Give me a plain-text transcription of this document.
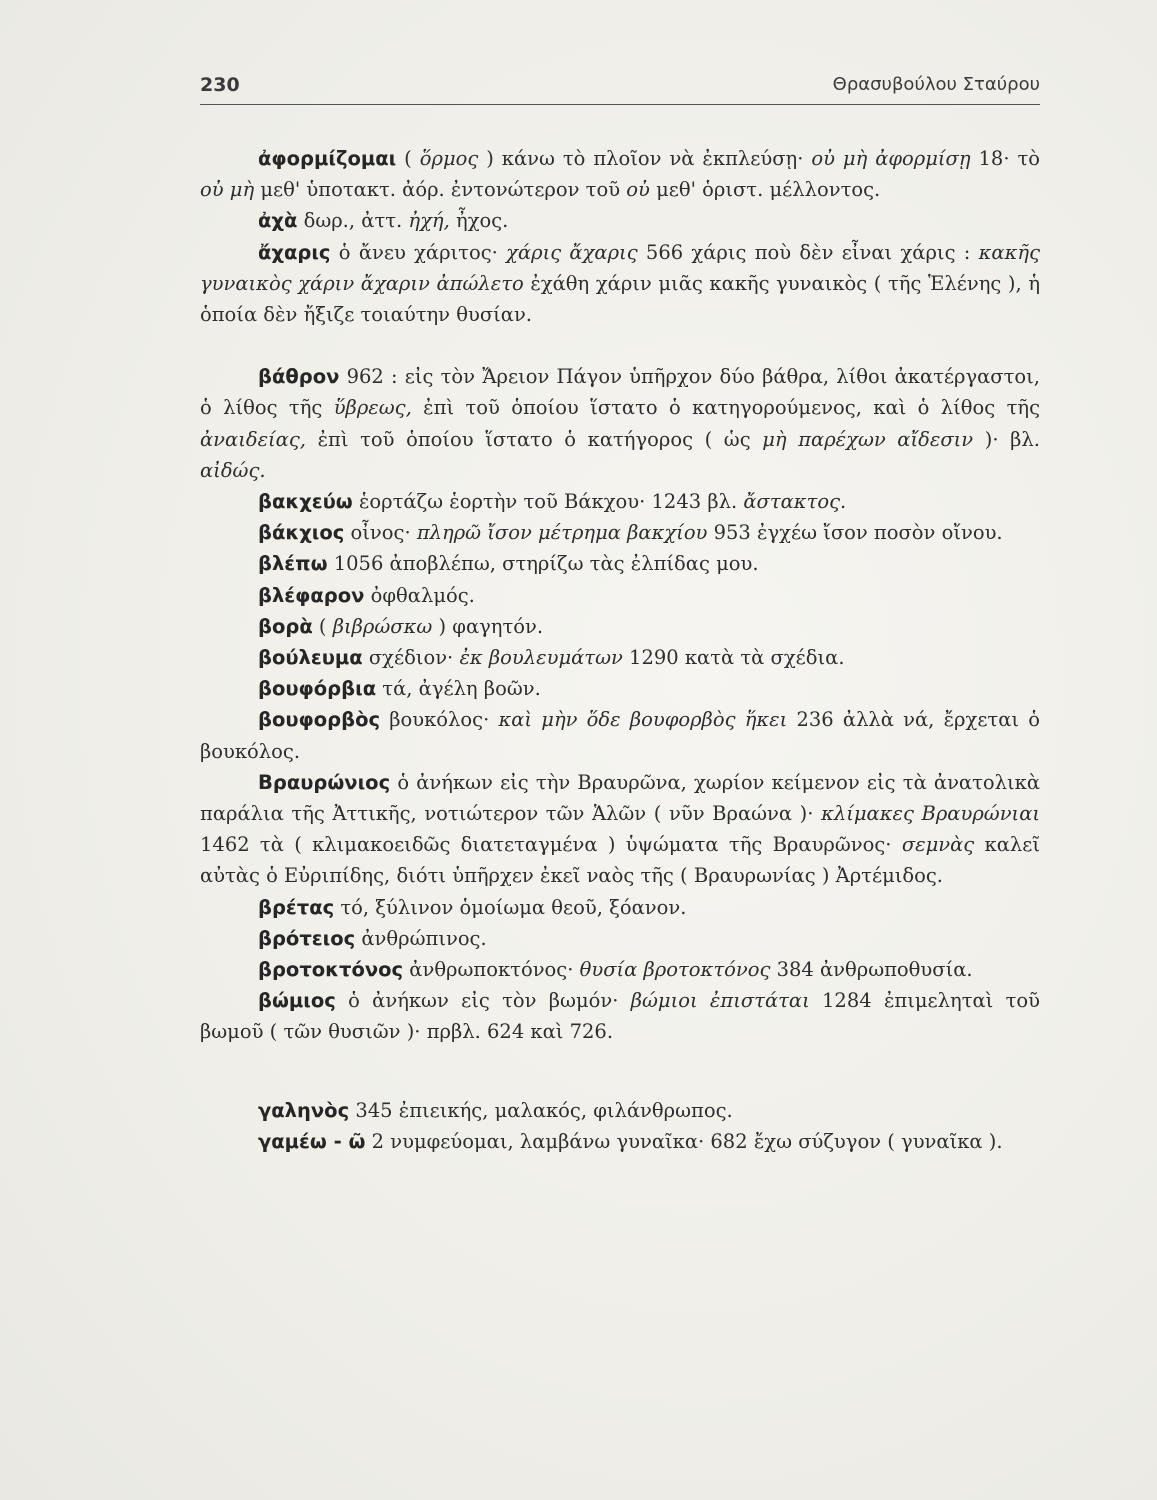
230	Θρασυβούλου Σταύρου

ἀφορμίζομαι ( ὅρμος ) κάνω τὸ πλοῖον νὰ ἐκπλεύσῃ· οὐ μὴ ἀφορμίσῃ 18· τὸ οὐ μὴ μεθ' ὑποτακτ. ἀόρ. ἐντονώτερον τοῦ οὐ μεθ' ὁριστ. μέλλοντος.

ἀχὰ δωρ., ἀττ. ἠχή, ἦχος.

ἄχαρις ὁ ἄνευ χάριτος· χάρις ἄχαρις 566 χάρις ποὺ δὲν εἶναι χάρις : κακῆς γυναικὸς χάριν ἄχαριν ἀπώλετο ἐχάθη χάριν μιᾶς κακῆς γυναικὸς ( τῆς Ἑλένης ), ἡ ὁποία δὲν ἤξιζε τοιαύτην θυσίαν.

βάθρον 962 : εἰς τὸν Ἄρειον Πάγον ὑπῆρχον δύο βάθρα, λίθοι ἀκατέργαστοι, ὁ λίθος τῆς ὕβρεως, ἐπὶ τοῦ ὁποίου ἵστατο ὁ κατηγορούμενος, καὶ ὁ λίθος τῆς ἀναιδείας, ἐπὶ τοῦ ὁποίου ἵστατο ὁ κατήγορος ( ὡς μὴ παρέχων αἴδεσιν )· βλ. αἰδώς.

βακχεύω ἑορτάζω ἑορτὴν τοῦ Βάκχου· 1243 βλ. ἄστακτος.

βάκχιος οἶνος· πληρῶ ἴσον μέτρημα βακχίου 953 ἐγχέω ἴσον ποσὸν οἴνου.

βλέπω 1056 ἀποβλέπω, στηρίζω τὰς ἐλπίδας μου.

βλέφαρον ὀφθαλμός.

βορὰ ( βιβρώσκω ) φαγητόν.

βούλευμα σχέδιον· ἐκ βουλευμάτων 1290 κατὰ τὰ σχέδια.

βουφόρβια τά, ἀγέλη βοῶν.

βουφορβὸς βουκόλος· καὶ μὴν ὅδε βουφορβὸς ἥκει 236 ἀλλὰ νά, ἔρχεται ὁ βουκόλος.

Βραυρώνιος ὁ ἀνήκων εἰς τὴν Βραυρῶνα, χωρίον κείμενον εἰς τὰ ἀνατολικὰ παράλια τῆς Ἀττικῆς, νοτιώτερον τῶν Ἁλῶν ( νῦν Βραώνα )· κλίμακες Βραυρώνιαι 1462 τὰ ( κλιμακοειδῶς διατεταγμένα ) ὑψώματα τῆς Βραυρῶνος· σεμνὰς καλεῖ αὐτὰς ὁ Εὐριπίδης, διότι ὑπῆρχεν ἐκεῖ ναὸς τῆς ( Βραυρωνίας ) Ἀρτέμιδος.

βρέτας τό, ξύλινον ὁμοίωμα θεοῦ, ξόανον.

βρότειος ἀνθρώπινος.

βροτοκτόνος ἀνθρωποκτόνος· θυσία βροτοκτόνος 384 ἀνθρωποθυσία.

βώμιος ὁ ἀνήκων εἰς τὸν βωμόν· βώμιοι ἐπιστάται 1284 ἐπιμεληταὶ τοῦ βωμοῦ ( τῶν θυσιῶν )· πρβλ. 624 καὶ 726.

γαληνὸς 345 ἐπιεικής, μαλακός, φιλάνθρωπος.

γαμέω - ῶ 2 νυμφεύομαι, λαμβάνω γυναῖκα· 682 ἔχω σύζυγον ( γυναῖκα ).
